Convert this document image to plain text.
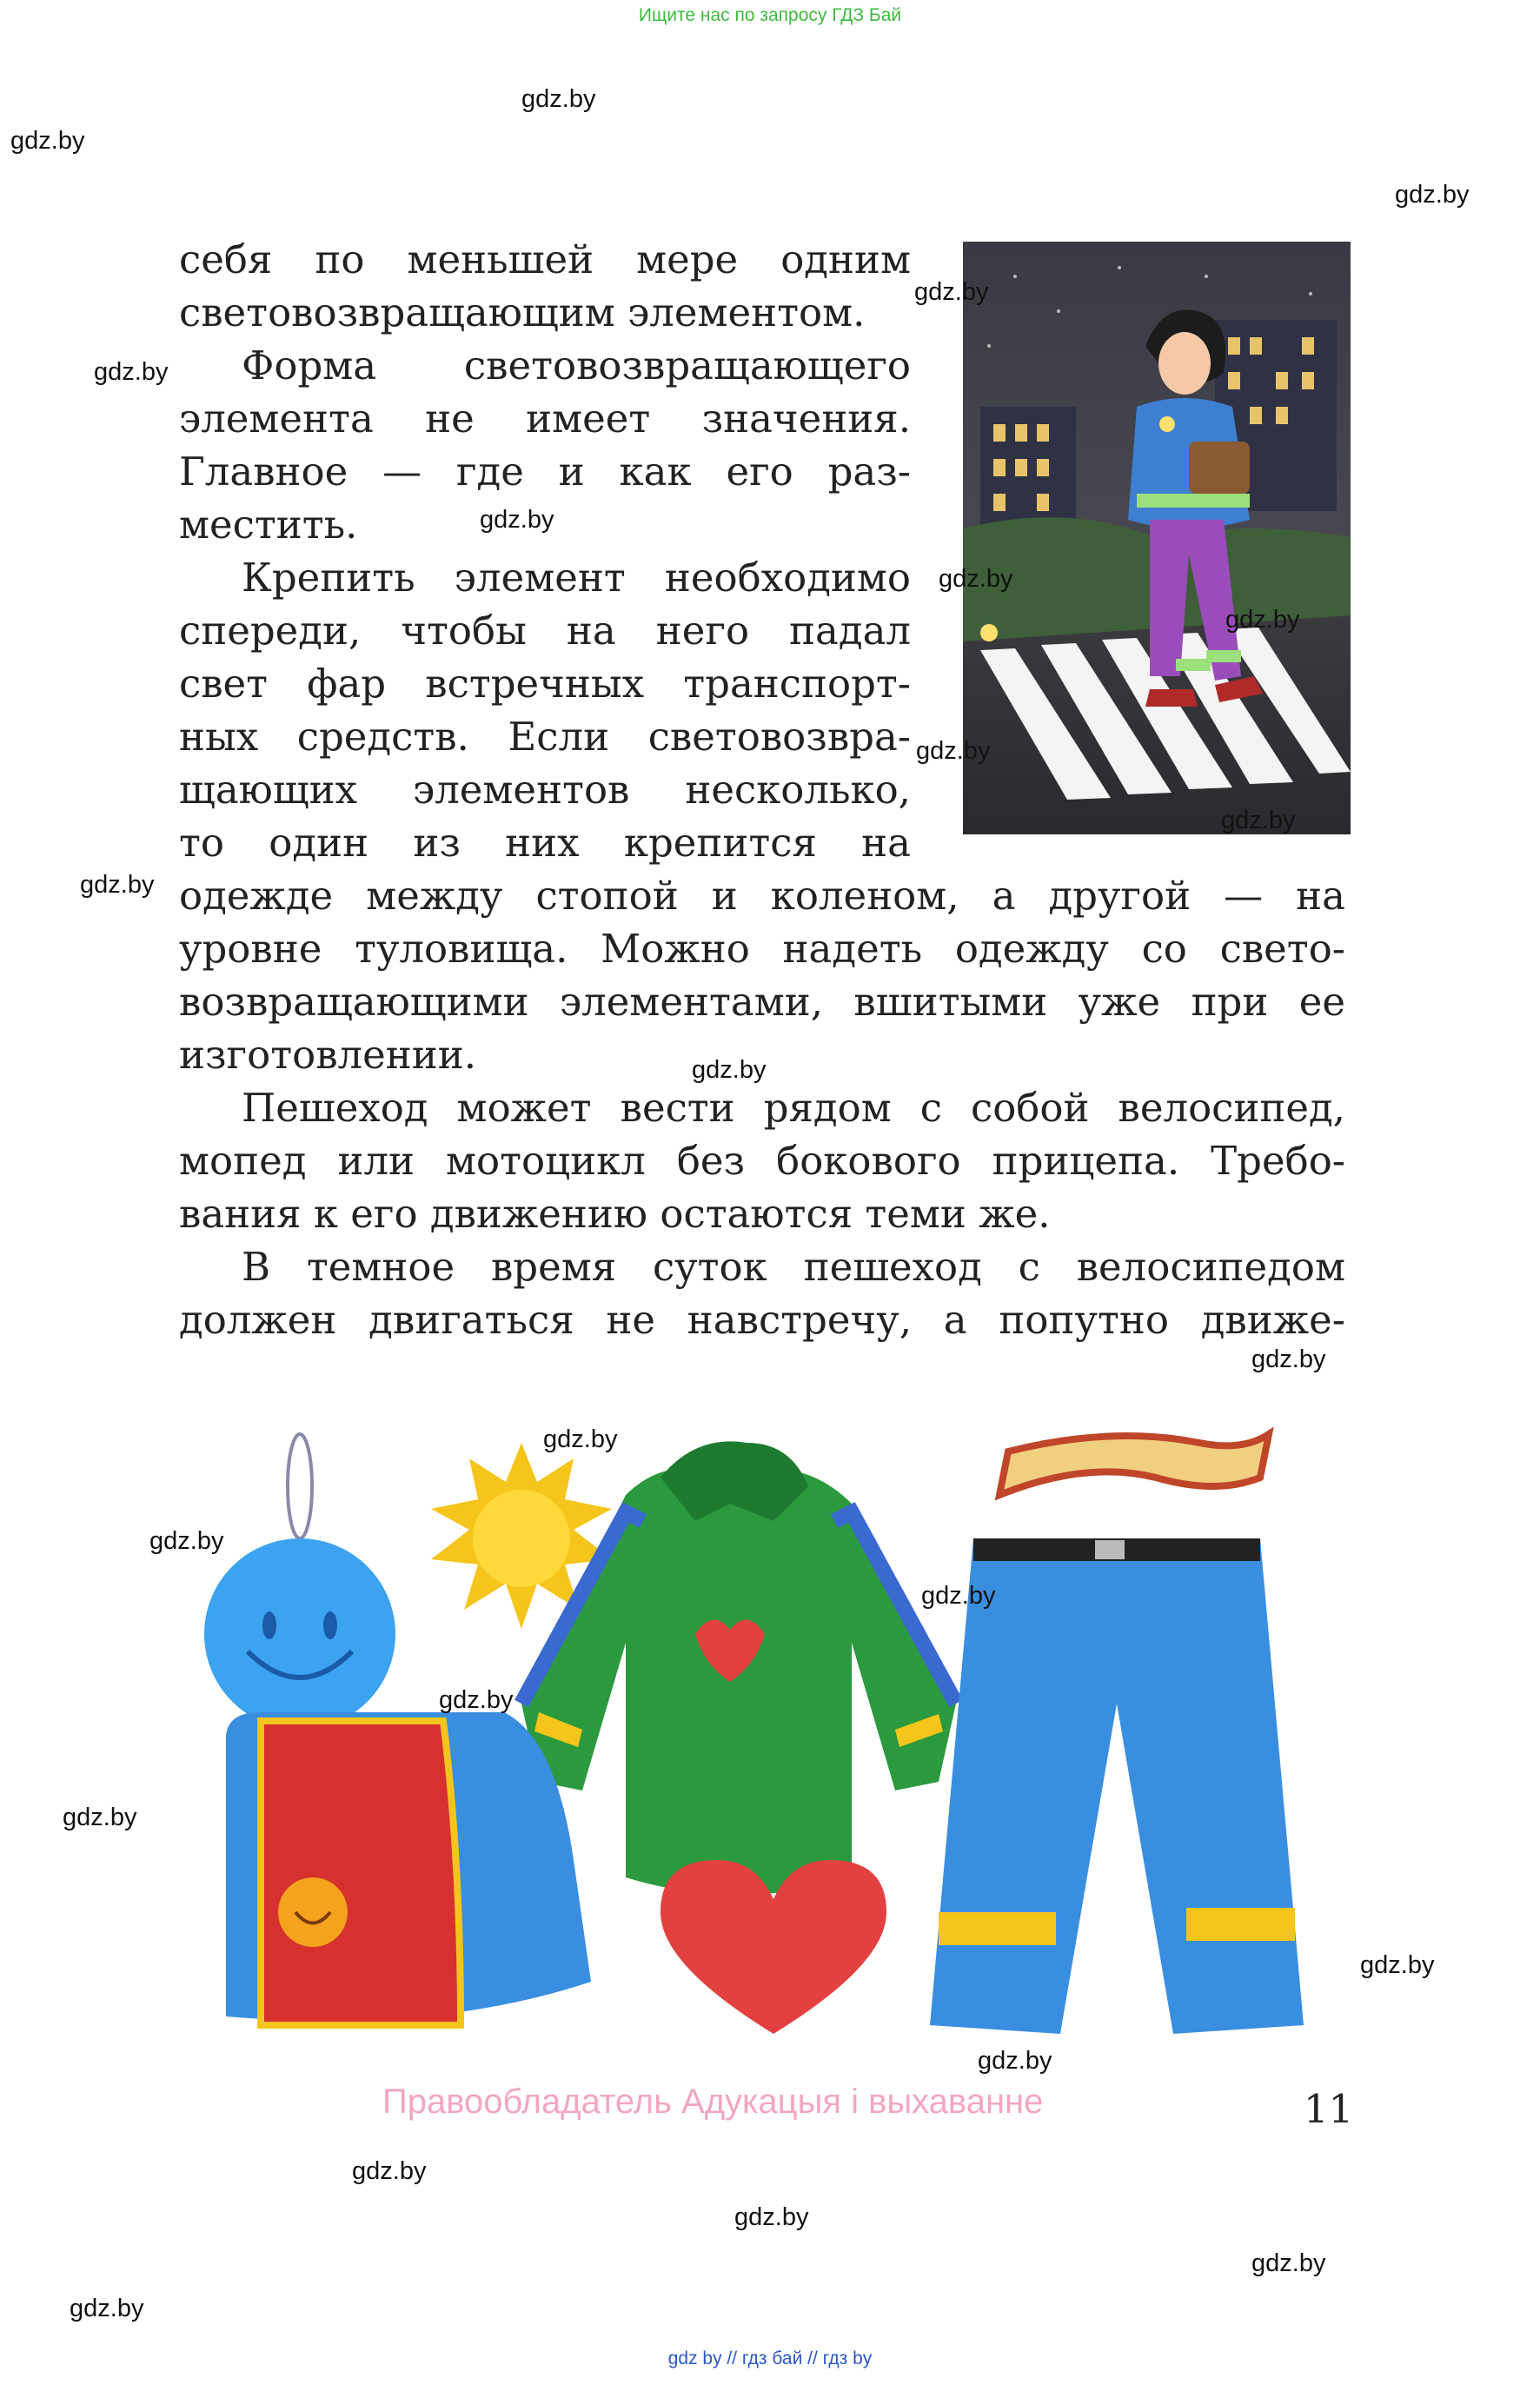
Ищите нас по запросу ГДЗ Бай
себя по меньшей мере одним
световозвращающим элементом.
Форма световозвращающего
элемента не имеет значения.
Главное — где и как его раз-
местить.
Крепить элемент необходимо
спереди, чтобы на него падал
свет фар встречных транспорт-
ных средств. Если световозвра-
щающих элементов несколько,
то один из них крепится на
одежде между стопой и коленом, а другой — на
уровне туловища. Можно надеть одежду со свето-
возвращающими элементами, вшитыми уже при ее
изготовлении.
Пешеход может вести рядом с собой велосипед,
мопед или мотоцикл без бокового прицепа. Требо-
вания к его движению остаются теми же.
В темное время суток пешеход с велосипедом
должен двигаться не навстречу, а попутно движе-
Правообладатель Адукацыя і выхаванне	11
gdz.by
gdz.by
gdz.by
gdz.by
gdz.by
gdz.by
gdz.by
gdz.by
gdz.by
gdz.by
gdz.by
gdz.by
gdz.by
gdz.by
gdz.by
gdz.by
gdz.by
gdz.by
gdz.by
gdz.by
gdz.by
gdz.by
gdz.by
gdz.by
gdz by // гдз бай // гдз by
